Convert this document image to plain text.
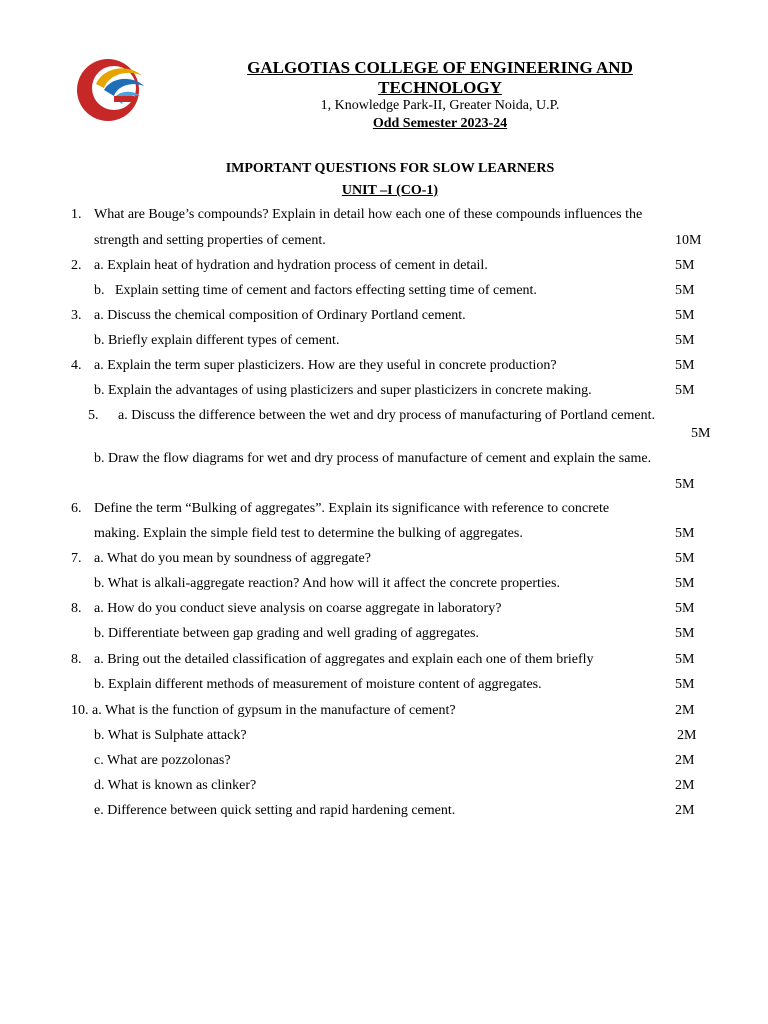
GALGOTIAS COLLEGE OF ENGINEERING AND
TECHNOLOGY
1, Knowledge Park-II, Greater Noida, U.P.
Odd Semester 2023-24
IMPORTANT QUESTIONS FOR SLOW LEARNERS
UNIT –I (CO-1)
1. What are Bouge’s compounds? Explain in detail how each one of these compounds influences the
strength and setting properties of cement.	10M
2. a. Explain heat of hydration and hydration process of cement in detail.	5M
b.   Explain setting time of cement and factors effecting setting time of cement.	5M
3. a. Discuss the chemical composition of Ordinary Portland cement.	5M
b. Briefly explain different types of cement.	5M
4. a. Explain the term super plasticizers. How are they useful in concrete production?	5M
b. Explain the advantages of using plasticizers and super plasticizers in concrete making.	5M
5. a. Discuss the difference between the wet and dry process of manufacturing of Portland cement.
5M
b. Draw the flow diagrams for wet and dry process of manufacture of cement and explain the same.
5M
6. Define the term “Bulking of aggregates”. Explain its significance with reference to concrete
making. Explain the simple field test to determine the bulking of aggregates.	5M
7. a. What do you mean by soundness of aggregate?	5M
b. What is alkali-aggregate reaction? And how will it affect the concrete properties.	5M
8. a. How do you conduct sieve analysis on coarse aggregate in laboratory?	5M
b. Differentiate between gap grading and well grading of aggregates.	5M
8. a. Bring out the detailed classification of aggregates and explain each one of them briefly	5M
b. Explain different methods of measurement of moisture content of aggregates.	5M
10. a. What is the function of gypsum in the manufacture of cement?	2M
b. What is Sulphate attack?	2M
c. What are pozzolonas?	2M
d. What is known as clinker?	2M
e. Difference between quick setting and rapid hardening cement.	2M
